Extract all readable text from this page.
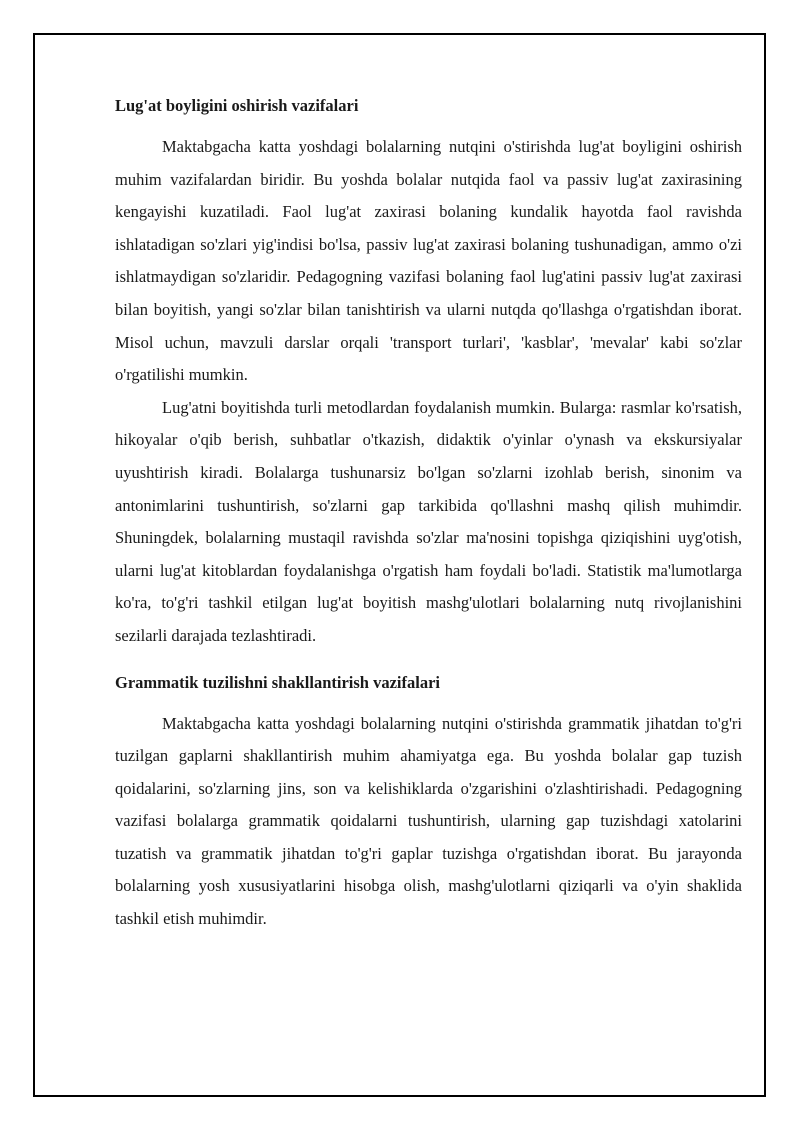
Lug'at boyligini oshirish vazifalari

Maktabgacha katta yoshdagi bolalarning nutqini o'stirishda lug'at boyligini oshirish muhim vazifalardan biridir. Bu yoshda bolalar nutqida faol va passiv lug'at zaxirasining kengayishi kuzatiladi. Faol lug'at zaxirasi bolaning kundalik hayotda faol ravishda ishlatadigan so'zlari yig'indisi bo'lsa, passiv lug'at zaxirasi bolaning tushunadigan, ammo o'zi ishlatmaydigan so'zlaridir. Pedagogning vazifasi bolaning faol lug'atini passiv lug'at zaxirasi bilan boyitish, yangi so'zlar bilan tanishtirish va ularni nutqda qo'llashga o'rgatishdan iborat. Misol uchun, mavzuli darslar orqali 'transport turlari', 'kasblar', 'mevalar' kabi so'zlar o'rgatilishi mumkin.

Lug'atni boyitishda turli metodlardan foydalanish mumkin. Bularga: rasmlar ko'rsatish, hikoyalar o'qib berish, suhbatlar o'tkazish, didaktik o'yinlar o'ynash va ekskursiyalar uyushtirish kiradi. Bolalarga tushunarsiz bo'lgan so'zlarni izohlab berish, sinonim va antonimlarini tushuntirish, so'zlarni gap tarkibida qo'llashni mashq qilish muhimdir. Shuningdek, bolalarning mustaqil ravishda so'zlar ma'nosini topishga qiziqishini uyg'otish, ularni lug'at kitoblardan foydalanishga o'rgatish ham foydali bo'ladi. Statistik ma'lumotlarga ko'ra, to'g'ri tashkil etilgan lug'at boyitish mashg'ulotlari bolalarning nutq rivojlanishini sezilarli darajada tezlashtiradi.

Grammatik tuzilishni shakllantirish vazifalari

Maktabgacha katta yoshdagi bolalarning nutqini o'stirishda grammatik jihatdan to'g'ri tuzilgan gaplarni shakllantirish muhim ahamiyatga ega. Bu yoshda bolalar gap tuzish qoidalarini, so'zlarning jins, son va kelishiklarda o'zgarishini o'zlashtirishadi. Pedagogning vazifasi bolalarga grammatik qoidalarni tushuntirish, ularning gap tuzishdagi xatolarini tuzatish va grammatik jihatdan to'g'ri gaplar tuzishga o'rgatishdan iborat. Bu jarayonda bolalarning yosh xususiyatlarini hisobga olish, mashg'ulotlarni qiziqarli va o'yin shaklida tashkil etish muhimdir.
